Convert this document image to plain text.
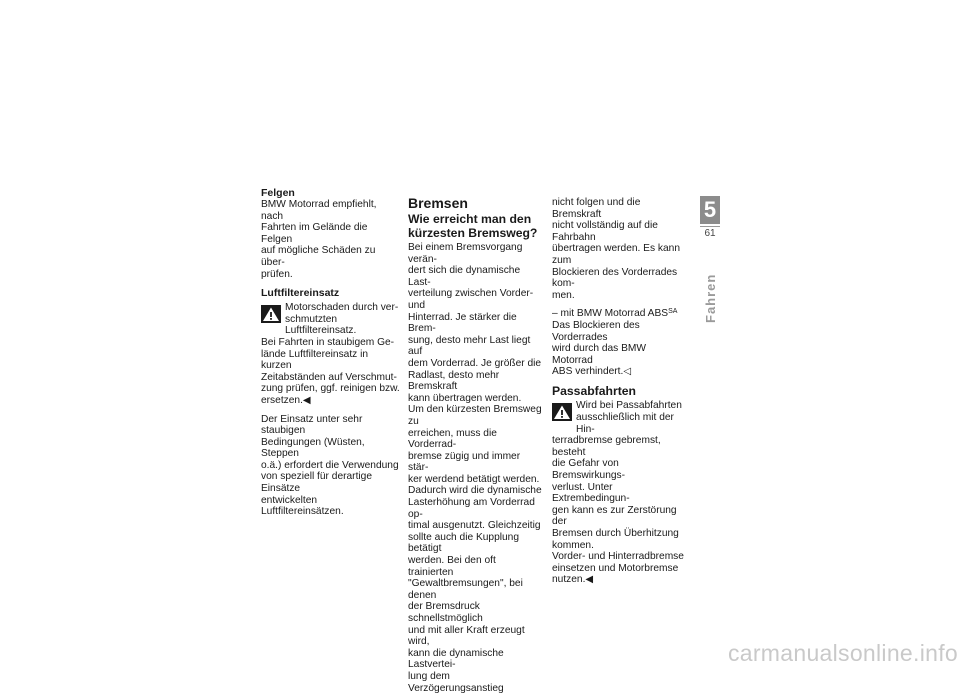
Felgen

BMW Motorrad empfiehlt, nach

Fahrten im Gelände die Felgen

auf mögliche Schäden zu über-

prüfen.

Luftfiltereinsatz

Motorschaden durch ver-

schmutzten Luftfiltereinsatz.

Bei Fahrten in staubigem Ge-

lände Luftfiltereinsatz in kurzen

Zeitabständen auf Verschmut-

zung prüfen, ggf. reinigen bzw.

ersetzen.◀

Der Einsatz unter sehr staubigen

Bedingungen (Wüsten, Steppen

o.ä.) erfordert die Verwendung

von speziell für derartige Einsätze

entwickelten Luftfiltereinsätzen.

Bremsen

Wie erreicht man den

kürzesten Bremsweg?

Bei einem Bremsvorgang verän-

dert sich die dynamische Last-

verteilung zwischen Vorder- und

Hinterrad. Je stärker die Brem-

sung, desto mehr Last liegt auf

dem Vorderrad. Je größer die

Radlast, desto mehr Bremskraft

kann übertragen werden.

Um den kürzesten Bremsweg zu

erreichen, muss die Vorderrad-

bremse zügig und immer stär-

ker werdend betätigt werden.

Dadurch wird die dynamische

Lasterhöhung am Vorderrad op-

timal ausgenutzt. Gleichzeitig

sollte auch die Kupplung betätigt

werden. Bei den oft trainierten

"Gewaltbremsungen", bei denen

der Bremsdruck schnellstmöglich

und mit aller Kraft erzeugt wird,

kann die dynamische Lastvertei-

lung dem Verzögerungsanstieg

nicht folgen und die Bremskraft

nicht vollständig auf die Fahrbahn

übertragen werden. Es kann zum

Blockieren des Vorderrades kom-

men.

– mit BMW Motorrad $ABS^{SA}$

Das Blockieren des Vorderrades

wird durch das BMW Motorrad

ABS verhindert.◁

Passabfahrten

Wird bei Passabfahrten

ausschließlich mit der Hin-

terradbremse gebremst, besteht

die Gefahr von Bremswirkungs-

verlust. Unter Extrembedingun-

gen kann es zur Zerstörung der

Bremsen durch Überhitzung

kommen.

Vorder- und Hinterradbremse

einsetzen und Motorbremse

nutzen.◀

5
61
Fahren
carmanualsonline.info
